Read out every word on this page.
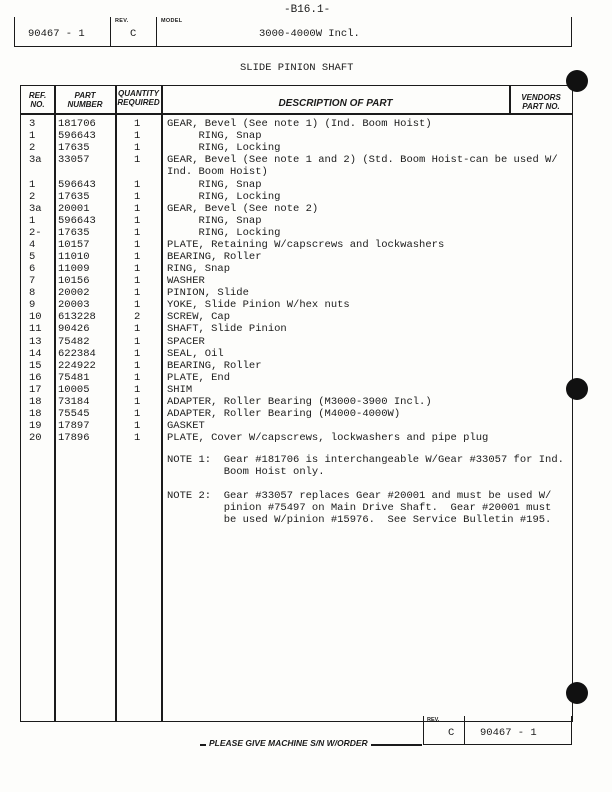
-B16.1-
90467 - 1
REV.
C
MODEL
3000-4000W Incl.
SLIDE PINION SHAFT
REF.
NO.
PART
NUMBER
QUANTITY
REQUIRED	DESCRIPTION OF PART
VENDORS
PART NO.
3 181706	1	GEAR, Bevel (See note 1) (Ind. Boom Hoist)
1 596643	1	RING, Snap
2 17635	1	RING, Locking
3a 33057	1	GEAR, Bevel (See note 1 and 2) (Std. Boom Hoist-can be used W/
Ind. Boom Hoist)
1 596643	1	RING, Snap
2 17635	1	RING, Locking
3a 20001	1	GEAR, Bevel (See note 2)
1 596643	1	RING, Snap
2- 17635	1	RING, Locking
4 10157	1	PLATE, Retaining W/capscrews and lockwashers
5 11010	1	BEARING, Roller
6 11009	1	RING, Snap
7 10156	1	WASHER
8 20002	1	PINION, Slide
9 20003	1	YOKE, Slide Pinion W/hex nuts
10 613228	2	SCREW, Cap
11 90426	1	SHAFT, Slide Pinion
13 75482	1	SPACER
14 622384	1	SEAL, Oil
15 224922	1	BEARING, Roller
16 75481	1	PLATE, End
17 10005	1	SHIM
18 73184	1	ADAPTER, Roller Bearing (M3000-3900 Incl.)
18 75545	1	ADAPTER, Roller Bearing (M4000-4000W)
19 17897	1	GASKET
20 17896	1	PLATE, Cover W/capscrews, lockwashers and pipe plug
NOTE 1:  Gear #181706 is interchangeable W/Gear #33057 for Ind.
Boom Hoist only.
NOTE 2:  Gear #33057 replaces Gear #20001 and must be used W/
pinion #75497 on Main Drive Shaft.  Gear #20001 must
be used W/pinion #15976.  See Service Bulletin #195.
REV.
C 90467 - 1
PLEASE GIVE MACHINE S/N W/ORDER
